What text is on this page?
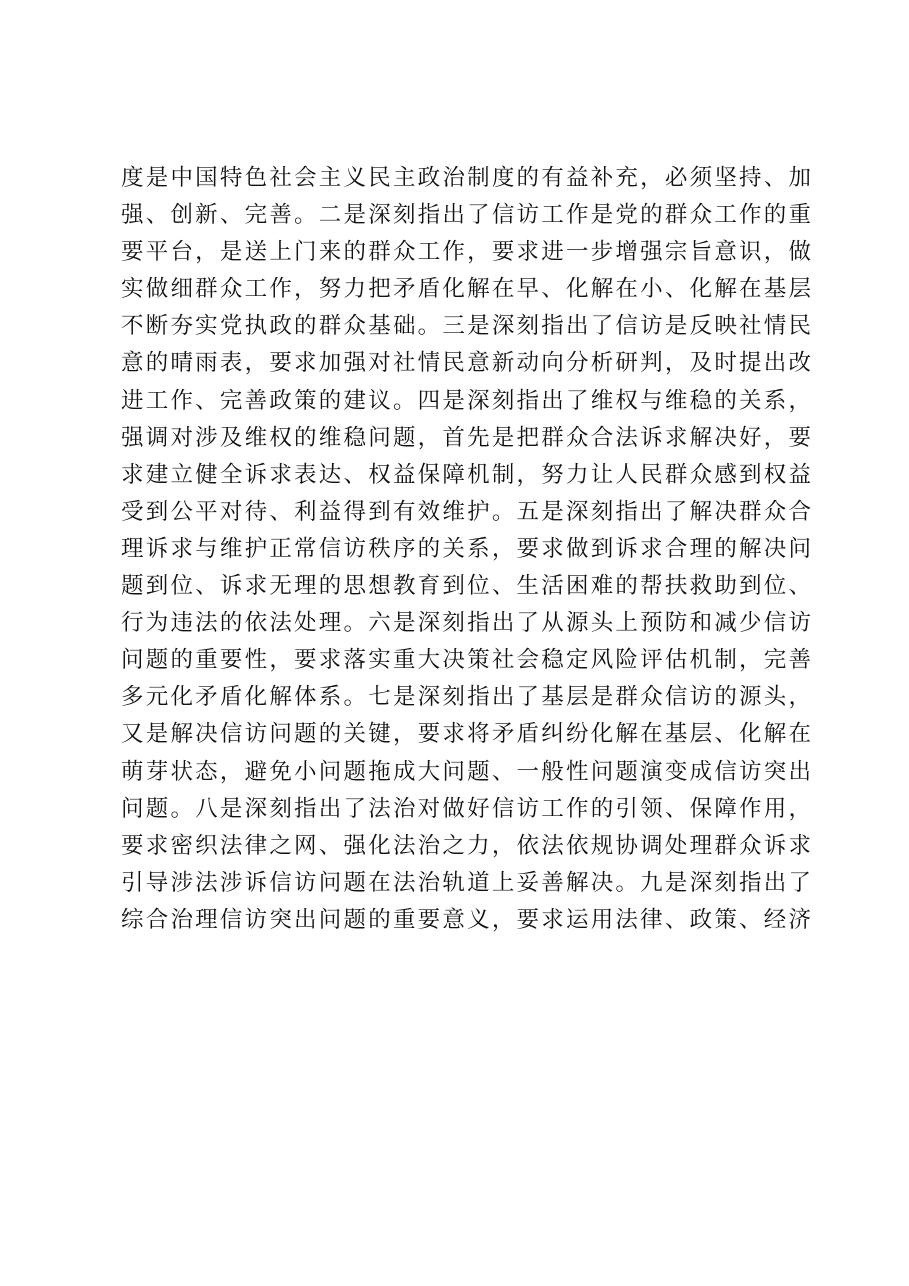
度是中国特色社会主义民主政治制度的有益补充，必须坚持、加
强、创新、完善。二是深刻指出了信访工作是党的群众工作的重
要平台，是送上门来的群众工作，要求进一步增强宗旨意识，做
实做细群众工作，努力把矛盾化解在早、化解在小、化解在基层
不断夯实党执政的群众基础。三是深刻指出了信访是反映社情民
意的晴雨表，要求加强对社情民意新动向分析研判，及时提出改
进工作、完善政策的建议。四是深刻指出了维权与维稳的关系，
强调对涉及维权的维稳问题，首先是把群众合法诉求解决好，要
求建立健全诉求表达、权益保障机制，努力让人民群众感到权益
受到公平对待、利益得到有效维护。五是深刻指出了解决群众合
理诉求与维护正常信访秩序的关系，要求做到诉求合理的解决问
题到位、诉求无理的思想教育到位、生活困难的帮扶救助到位、
行为违法的依法处理。六是深刻指出了从源头上预防和减少信访
问题的重要性，要求落实重大决策社会稳定风险评估机制，完善
多元化矛盾化解体系。七是深刻指出了基层是群众信访的源头，
又是解决信访问题的关键，要求将矛盾纠纷化解在基层、化解在
萌芽状态，避免小问题拖成大问题、一般性问题演变成信访突出
问题。八是深刻指出了法治对做好信访工作的引领、保障作用，
要求密织法律之网、强化法治之力，依法依规协调处理群众诉求
引导涉法涉诉信访问题在法治轨道上妥善解决。九是深刻指出了
综合治理信访突出问题的重要意义，要求运用法律、政策、经济
